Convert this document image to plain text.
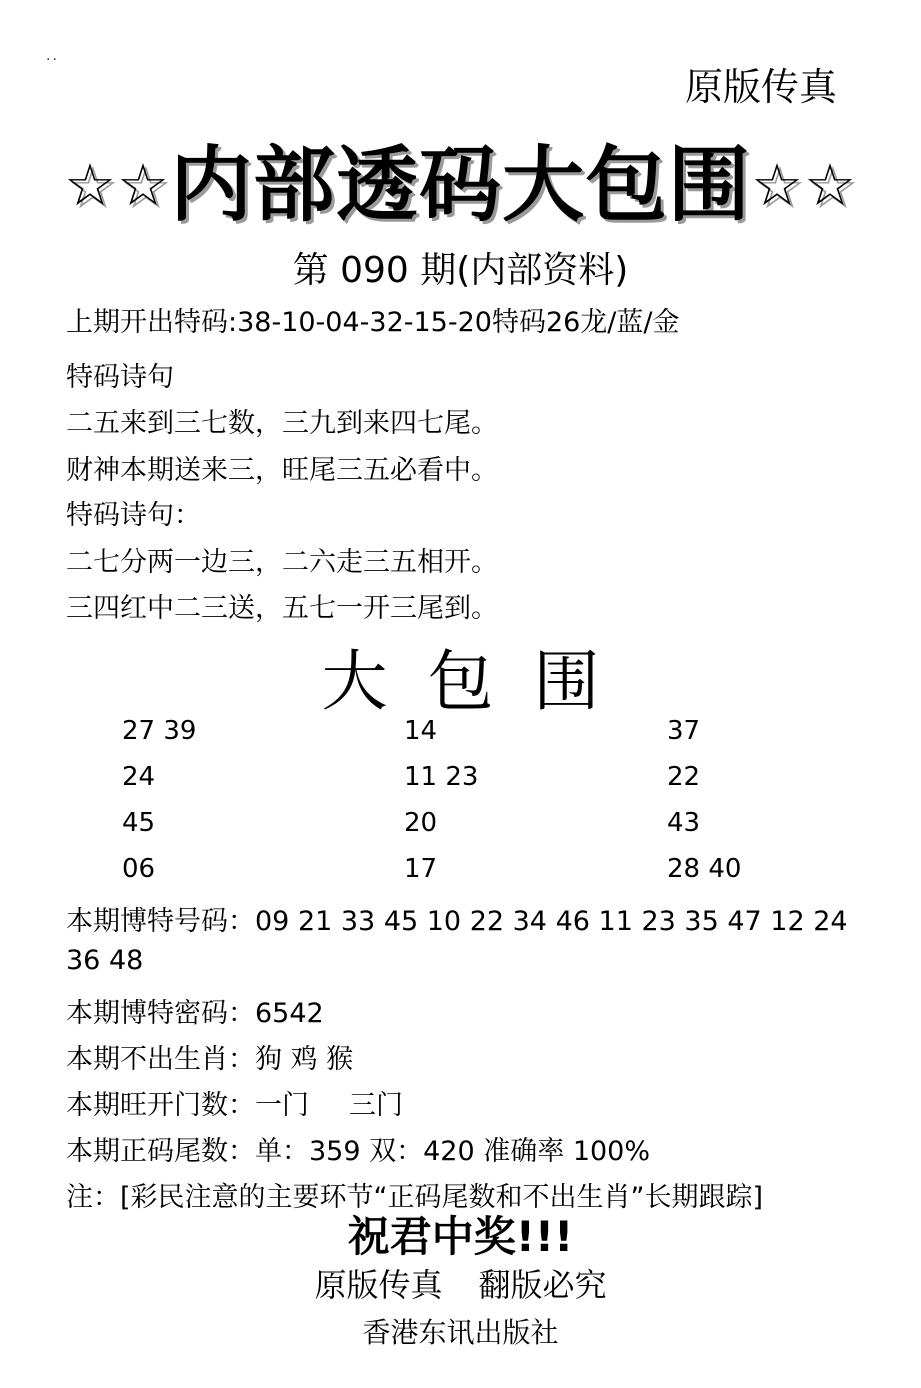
..
原版传真
☆☆内部透码大包围☆☆
第 090 期(内部资料)
上期开出特码:38-10-04-32-15-20特码26龙/蓝/金
特码诗句
二五来到三七数，三九到来四七尾。
财神本期送来三，旺尾三五必看中。
特码诗句：
二七分两一边三，二六走三五相开。
三四红中二三送，五七一开三尾到。
大包围
27 39	14	37
24	11 23	22
45	20	43
06	17	28 40
本期博特号码：09 21 33 45 10 22 34 46 11 23 35 47 12 24
36 48
本期博特密码：6542
本期不出生肖：狗 鸡 猴
本期旺开门数：一门 三门
本期正码尾数：单：359 双：420 准确率 100%
注：[彩民注意的主要环节“正码尾数和不出生肖”长期跟踪]
祝君中奖!!!
原版传真 翻版必究
香港东讯出版社
